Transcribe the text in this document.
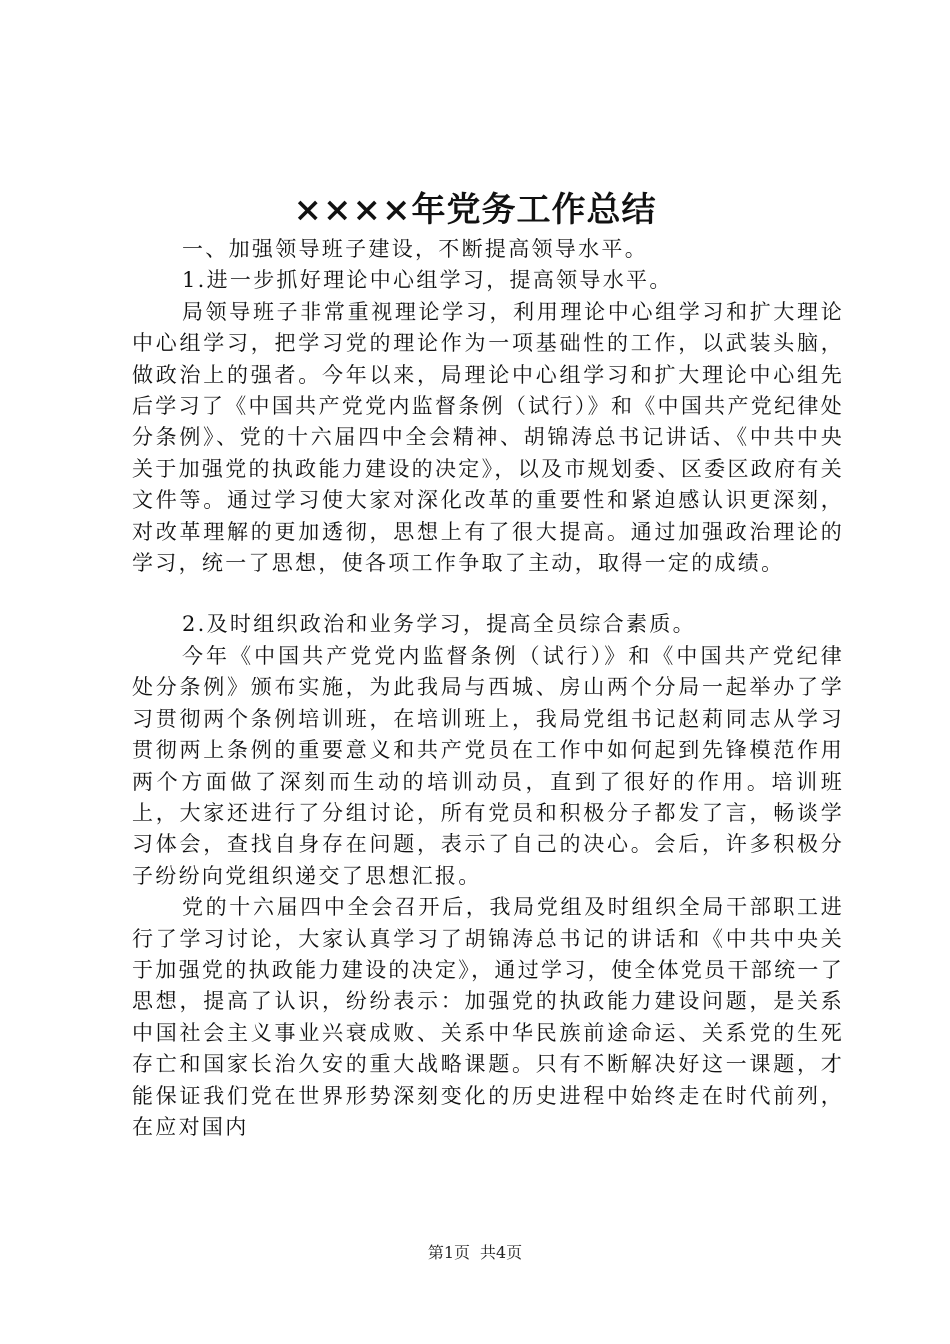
××××年党务工作总结

一、加强领导班子建设，不断提高领导水平。

1.进一步抓好理论中心组学习，提高领导水平。

局领导班子非常重视理论学习，利用理论中心组学习和扩大理论中心组学习，把学习党的理论作为一项基础性的工作，以武装头脑，做政治上的强者。今年以来，局理论中心组学习和扩大理论中心组先后学习了《中国共产党党内监督条例（试行）》和《中国共产党纪律处分条例》、党的十六届四中全会精神、胡锦涛总书记讲话、《中共中央关于加强党的执政能力建设的决定》，以及市规划委、区委区政府有关文件等。通过学习使大家对深化改革的重要性和紧迫感认识更深刻，对改革理解的更加透彻，思想上有了很大提高。通过加强政治理论的学习，统一了思想，使各项工作争取了主动，取得一定的成绩。

2.及时组织政治和业务学习，提高全员综合素质。

今年《中国共产党党内监督条例（试行）》和《中国共产党纪律处分条例》颁布实施，为此我局与西城、房山两个分局一起举办了学习贯彻两个条例培训班，在培训班上，我局党组书记赵莉同志从学习贯彻两上条例的重要意义和共产党员在工作中如何起到先锋模范作用两个方面做了深刻而生动的培训动员，直到了很好的作用。培训班上，大家还进行了分组讨论，所有党员和积极分子都发了言，畅谈学习体会，查找自身存在问题，表示了自己的决心。会后，许多积极分子纷纷向党组织递交了思想汇报。

党的十六届四中全会召开后，我局党组及时组织全局干部职工进行了学习讨论，大家认真学习了胡锦涛总书记的讲话和《中共中央关于加强党的执政能力建设的决定》，通过学习，使全体党员干部统一了思想，提高了认识，纷纷表示：加强党的执政能力建设问题，是关系中国社会主义事业兴衰成败、关系中华民族前途命运、关系党的生死存亡和国家长治久安的重大战略课题。只有不断解决好这一课题，才能保证我们党在世界形势深刻变化的历史进程中始终走在时代前列，在应对国内

第1页 共4页
